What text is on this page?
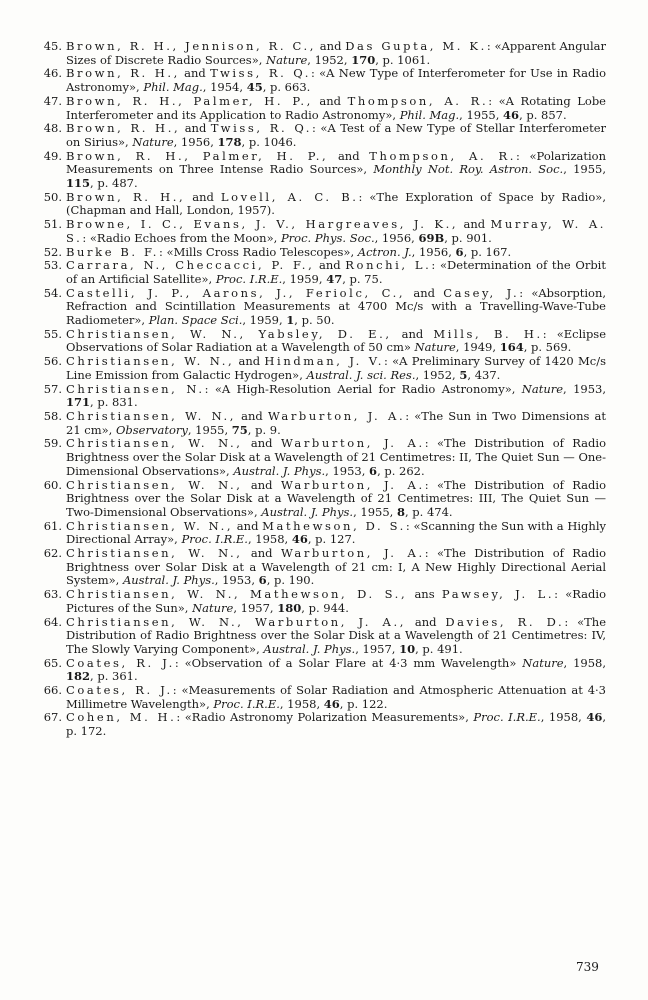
45. Brown, R. H., Jennison, R. C., and Das Gupta, M. K.: «Apparent Angular Sizes of Discrete Radio Sources», Nature, 1952, 170, p. 1061.

46. Brown, R. H., and Twiss, R. Q.: «A New Type of Interferometer for Use in Radio Astronomy», Phil. Mag., 1954, 45, p. 663.

47. Brown, R. H., Palmer, H. P., and Thompson, A. R.: «A Rotating Lobe Interferometer and its Application to Radio Astronomy», Phil. Mag., 1955, 46, p. 857.

48. Brown, R. H., and Twiss, R. Q.: «A Test of a New Type of Stellar Interferometer on Sirius», Nature, 1956, 178, p. 1046.

49. Brown, R. H., Palmer, H. P., and Thompson, A. R.: «Polarization Measurements on Three Intense Radio Sources», Monthly Not. Roy. Astron. Soc., 1955, 115, p. 487.

50. Brown, R. H., and Lovell, A. C. B.: «The Exploration of Space by Radio», (Chapman and Hall, London, 1957).

51. Browne, I. C., Evans, J. V., Hargreaves, J. K., and Murray, W. A. S.: «Radio Echoes from the Moon», Proc. Phys. Soc., 1956, 69B, p. 901.

52. Burke B. F.: «Mills Cross Radio Telescopes», Actron. J., 1956, 6, p. 167.

53. Carrara, N., Checcacci, P. F., and Ronchi, L.: «Determination of the Orbit of an Artificial Satellite», Proc. I.R.E., 1959, 47, p. 75.

54. Castelli, J. P., Aarons, J., Feriolc, C., and Casey, J.: «Absorption, Refraction and Scintillation Measurements at 4700 Mc/s with a Travelling-Wave-Tube Radiometer», Plan. Space Sci., 1959, 1, p. 50.

55. Christiansen, W. N., Yabsley, D. E., and Mills, B. H.: «Eclipse Observations of Solar Radiation at a Wavelength of 50 cm» Nature, 1949, 164, p. 569.

56. Christiansen, W. N., and Hindman, J. V.: «A Preliminary Survey of 1420 Mc/s Line Emission from Galactic Hydrogen», Austral. J. sci. Res., 1952, 5, 437.

57. Christiansen, N.: «A High-Resolution Aerial for Radio Astronomy», Nature, 1953, 171, p. 831.

58. Christiansen, W. N., and Warburton, J. A.: «The Sun in Two Dimensions at 21 cm», Observatory, 1955, 75, p. 9.

59. Christiansen, W. N., and Warburton, J. A.: «The Distribution of Radio Brightness over the Solar Disk at a Wavelength of 21 Centimetres: II, The Quiet Sun — One-Dimensional Observations», Austral. J. Phys., 1953, 6, p. 262.

60. Christiansen, W. N., and Warburton, J. A.: «The Distribution of Radio Brightness over the Solar Disk at a Wavelength of 21 Centimetres: III, The Quiet Sun — Two-Dimensional Observations», Austral. J. Phys., 1955, 8, p. 474.

61. Christiansen, W. N., and Mathewson, D. S.: «Scanning the Sun with a Highly Directional Array», Proc. I.R.E., 1958, 46, p. 127.

62. Christiansen, W. N., and Warburton, J. A.: «The Distribution of Radio Brightness over Solar Disk at a Wavelength of 21 cm: I, A New Highly Directional Aerial System», Austral. J. Phys., 1953, 6, p. 190.

63. Christiansen, W. N., Mathewson, D. S., ans Pawsey, J. L.: «Radio Pictures of the Sun», Nature, 1957, 180, p. 944.

64. Christiansen, W. N., Warburton, J. A., and Davies, R. D.: «The Distribution of Radio Brightness over the Solar Disk at a Wavelength of 21 Centimetres: IV, The Slowly Varying Component», Austral. J. Phys., 1957, 10, p. 491.

65. Coates, R. J.: «Observation of a Solar Flare at 4·3 mm Wavelength» Nature, 1958, 182, p. 361.

66. Coates, R. J.: «Measurements of Solar Radiation and Atmospheric Attenuation at 4·3 Millimetre Wavelength», Proc. I.R.E., 1958, 46, p. 122.

67. Cohen, M. H.: «Radio Astronomy Polarization Measurements», Proc. I.R.E., 1958, 46, p. 172.

739
